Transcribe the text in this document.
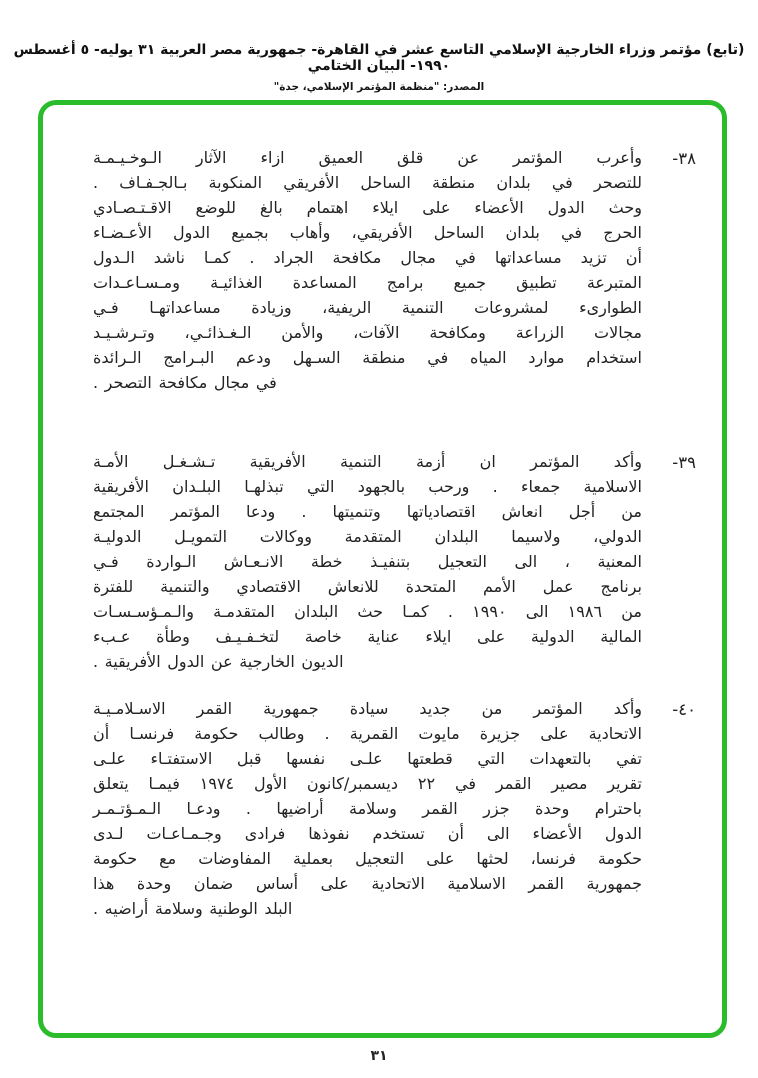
(تابع) مؤتمر وزراء الخارجية الإسلامي التاسع عشر في القاهرة- جمهورية مصر العربية ٣١ يوليه- ٥ أغسطس ١٩٩٠- البيان الختامي
المصدر: "منظمة المؤتمر الإسلامي، جدة"
٣٨-
وأعرب المؤتمر عن قلق العميق ازاء الآثار الـوخـيـمـة
للتصحر في بلدان منطقة الساحل الأفريقي المنكوبة بـالجـفـاف .
وحث الدول الأعضاء على ايلاء اهتمام بالغ للوضع الاقـتـصـادي
الحرج في بلدان الساحل الأفريقي، وأهاب بجميع الدول الأعـضـاء
أن تزيد مساعداتها في مجال مكافحة الجراد . كمـا ناشد الـدول
المتبرعة تطبيق جميع برامج المساعدة الغذائيـة ومـسـاعـدات
الطوارىء لمشروعات التنمية الريفية، وزيادة مساعداتهـا فـي
مجالات الزراعة ومكافحة الآفات، والأمن الـغـذائـي، وتـرشـيـد
استخدام موارد المياه في منطقة السـهل ودعم البـرامج الـرائدة
في مجال مكافحة التصحر .
٣٩-
وأكد المؤتمر ان أزمة التنمية الأفريقية تـشـغـل الأمـة
الاسلامية جمعاء . ورحب بالجهود التي تبذلهـا البلـدان الأفريقية
من أجل انعاش اقتصادياتها وتنميتها . ودعا المؤتمر المجتمع
الدولي، ولاسيما البلدان المتقدمة ووكالات التمويـل الدوليـة
المعنية ، الى التعجيل بتنفيـذ خطة الانـعـاش الـواردة فـي
برنامج عمل الأمم المتحدة للانعاش الاقتصادي والتنمية للفترة
من ١٩٨٦ الى ١٩٩٠ . كمـا حث البلدان المتقدمـة والـمـؤسـسـات
المالية الدولية على ايلاء عناية خاصة لتخـفـيـف وطأة عـبء
الديون الخارجية عن الدول الأفريقية .
٤٠-
وأكد المؤتمر من جديد سيادة جمهورية القمر الاسـلامـيـة
الاتحادية على جزيرة مايوت القمرية . وطالب حكومة فرنسـا أن
تفي بالتعهدات التي قطعتها علـى نفسها قبل الاستفتـاء علـى
تقرير مصير القمر في ٢٢ ديسمبر/كانون الأول ١٩٧٤ فيمـا يتعلق
باحترام وحدة جزر القمر وسلامة أراضيها . ودعـا الـمـؤتـمـر
الدول الأعضاء الى أن تستخدم نفوذها فرادى وجـمـاعـات لـدى
حكومة فرنسا، لحثها على التعجيل بعملية المفاوضات مع حكومة
جمهورية القمر الاسلامية الاتحادية على أساس ضمان وحدة هذا
البلد الوطنية وسلامة أراضيه .
٣١
